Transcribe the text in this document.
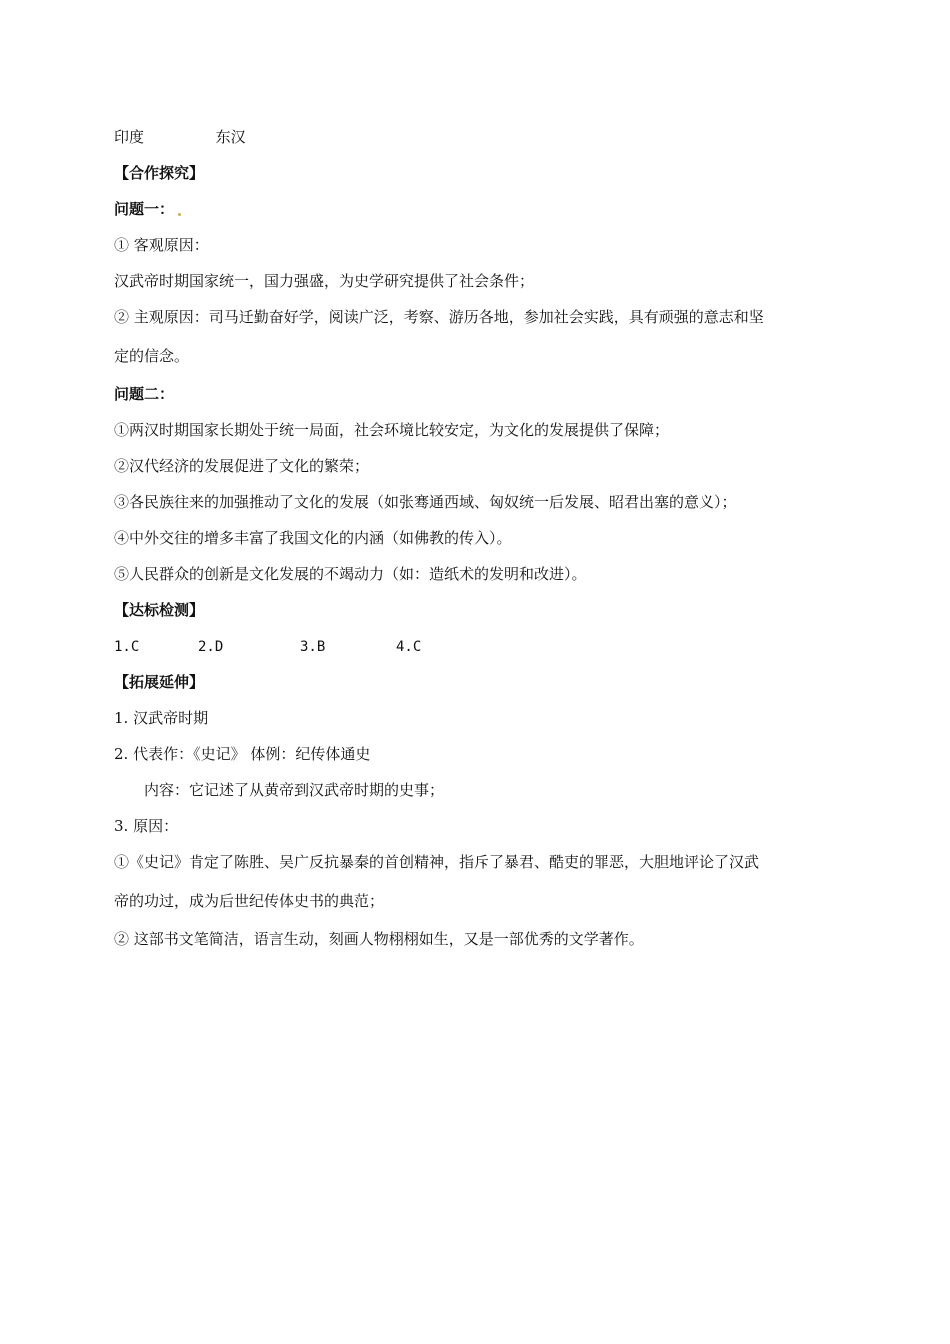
印度	东汉
【合作探究】
问题一：
① 客观原因：
汉武帝时期国家统一，国力强盛，为史学研究提供了社会条件；
② 主观原因：司马迁勤奋好学，阅读广泛，考察、游历各地，参加社会实践，具有顽强的意志和坚
定的信念。
问题二：
①两汉时期国家长期处于统一局面，社会环境比较安定，为文化的发展提供了保障；
②汉代经济的发展促进了文化的繁荣；
③各民族往来的加强推动了文化的发展（如张骞通西域、匈奴统一后发展、昭君出塞的意义）；
④中外交往的增多丰富了我国文化的内涵（如佛教的传入）。
⑤人民群众的创新是文化发展的不竭动力（如：造纸术的发明和改进）。
【达标检测】
1.C	2.D	3.B	4.C
【拓展延伸】
1. 汉武帝时期
2. 代表作：《史记》 体例：纪传体通史
内容：它记述了从黄帝到汉武帝时期的史事；
3. 原因：
①《史记》肯定了陈胜、吴广反抗暴秦的首创精神，指斥了暴君、酷吏的罪恶，大胆地评论了汉武
帝的功过，成为后世纪传体史书的典范；
② 这部书文笔简洁，语言生动，刻画人物栩栩如生，又是一部优秀的文学著作。
